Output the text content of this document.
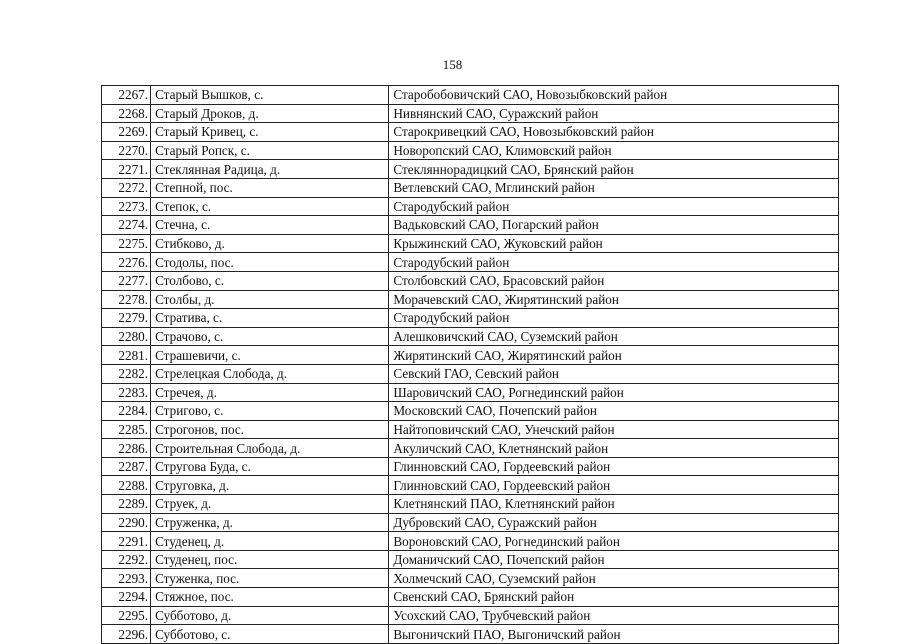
158
2267.	Старый Вышков, с.	Старобобовичский САО, Новозыбковский район
2268.	Старый Дроков, д.	Нивнянский САО, Суражский район
2269.	Старый Кривец, с.	Старокривецкий САО, Новозыбковский район
2270.	Старый Ропск, с.	Новоропский САО, Климовский район
2271.	Стеклянная Радица, д.	Стекляннорадицкий САО, Брянский район
2272.	Степной, пос.	Ветлевский САО, Мглинский район
2273.	Степок, с.	Стародубский район
2274.	Стечна, с.	Вадьковский САО, Погарский район
2275.	Стибково, д.	Крыжинский САО, Жуковский район
2276.	Стодолы, пос.	Стародубский район
2277.	Столбово, с.	Столбовский САО, Брасовский район
2278.	Столбы, д.	Морачевский САО, Жирятинский район
2279.	Стратива, с.	Стародубский район
2280.	Страчово, с.	Алешковичский САО, Суземский район
2281.	Страшевичи, с.	Жирятинский САО, Жирятинский район
2282.	Стрелецкая Слобода, д.	Севский ГАО, Севский район
2283.	Стречея, д.	Шаровичский САО, Рогнединский район
2284.	Стригово, с.	Московский САО, Почепский район
2285.	Строгонов, пос.	Найтоповичский САО, Унечский район
2286.	Строительная Слобода, д.	Акуличский САО, Клетнянский район
2287.	Стругова Буда, с.	Глинновский САО, Гордеевский район
2288.	Струговка, д.	Глинновский САО, Гордеевский район
2289.	Струек, д.	Клетнянский ПАО, Клетнянский район
2290.	Струженка, д.	Дубровский САО, Суражский район
2291.	Студенец, д.	Вороновский САО, Рогнединский район
2292.	Студенец, пос.	Доманичский САО, Почепский район
2293.	Стуженка, пос.	Холмечский САО, Суземский район
2294.	Стяжное, пос.	Свенский САО, Брянский район
2295.	Субботово, д.	Усохский САО, Трубчевский район
2296.	Субботово, с.	Выгоничский ПАО, Выгоничский район
